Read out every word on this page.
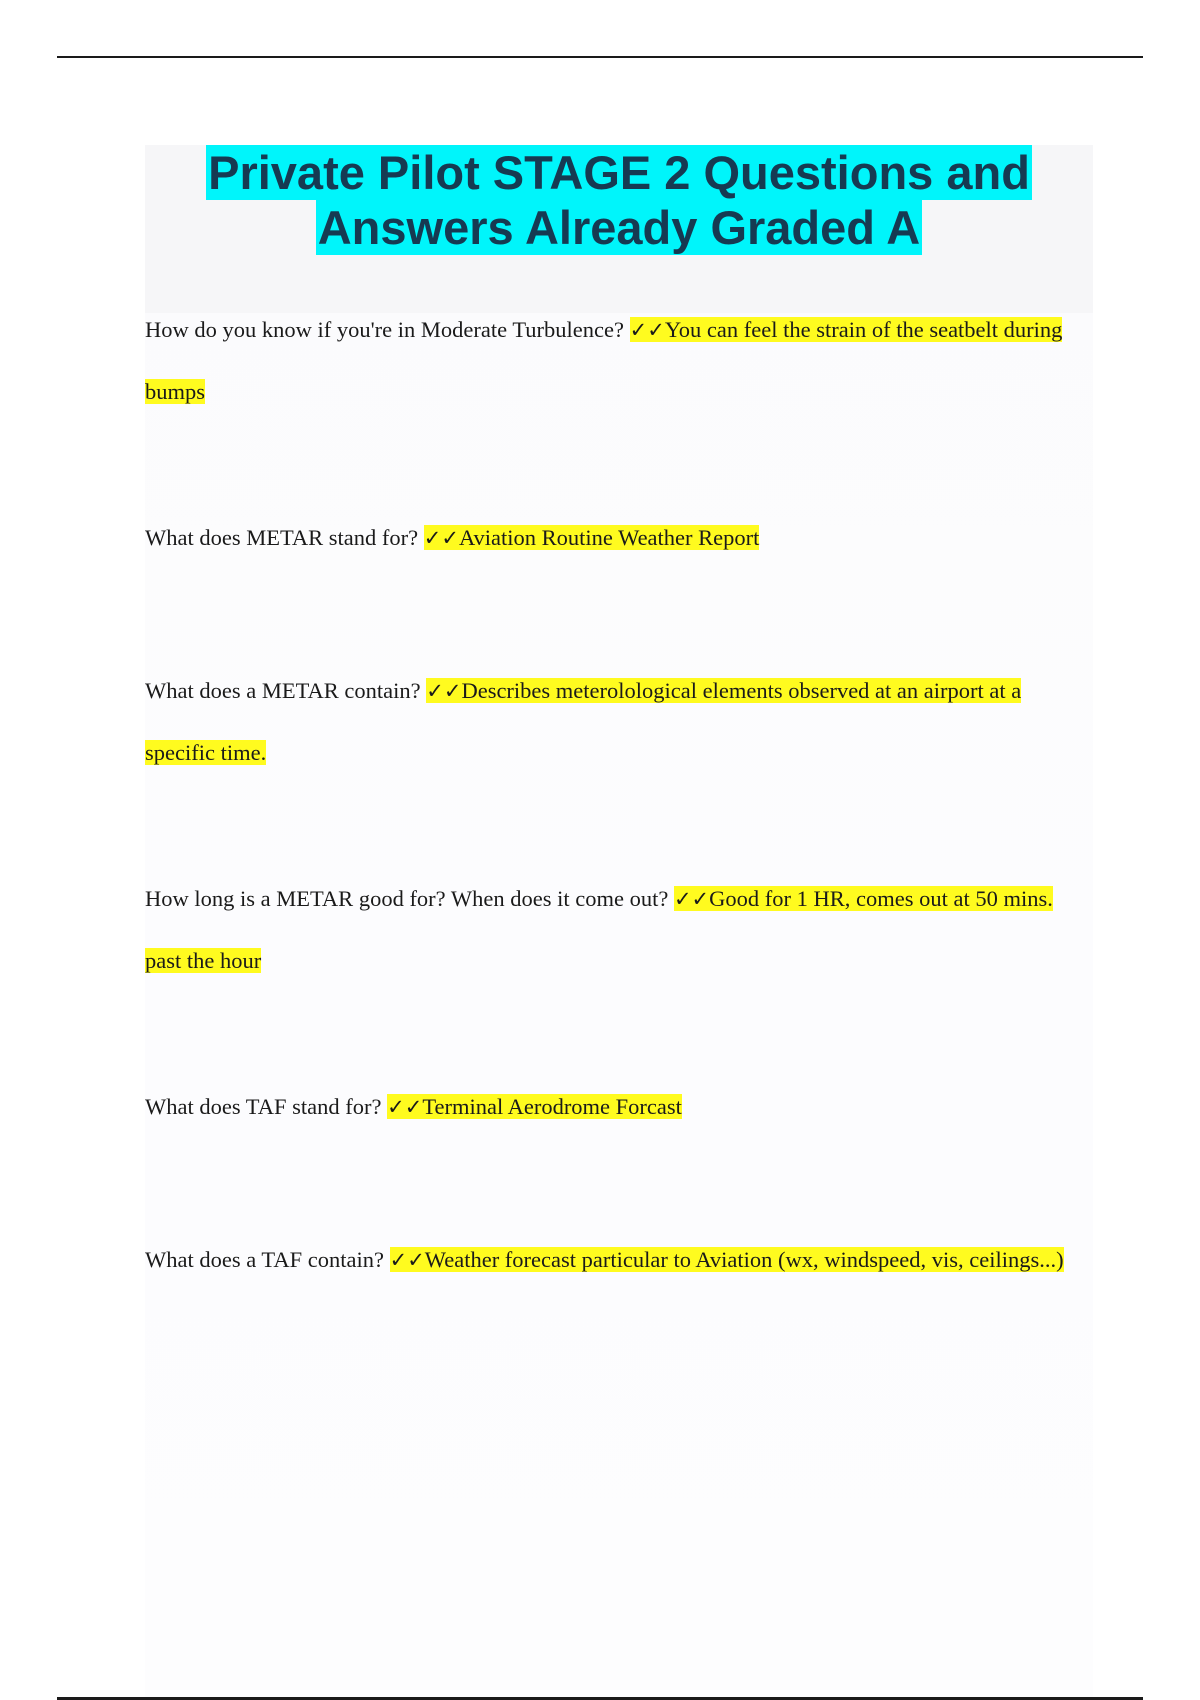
Private Pilot STAGE 2 Questions and
Answers Already Graded A
How do you know if you're in Moderate Turbulence? ✓✓You can feel the strain of the seatbelt during bumps
What does METAR stand for? ✓✓Aviation Routine Weather Report
What does a METAR contain? ✓✓Describes meterolological elements observed at an airport at a specific time.
How long is a METAR good for? When does it come out? ✓✓Good for 1 HR, comes out at 50 mins. past the hour
What does TAF stand for? ✓✓Terminal Aerodrome Forcast
What does a TAF contain? ✓✓Weather forecast particular to Aviation (wx, windspeed, vis, ceilings...)
